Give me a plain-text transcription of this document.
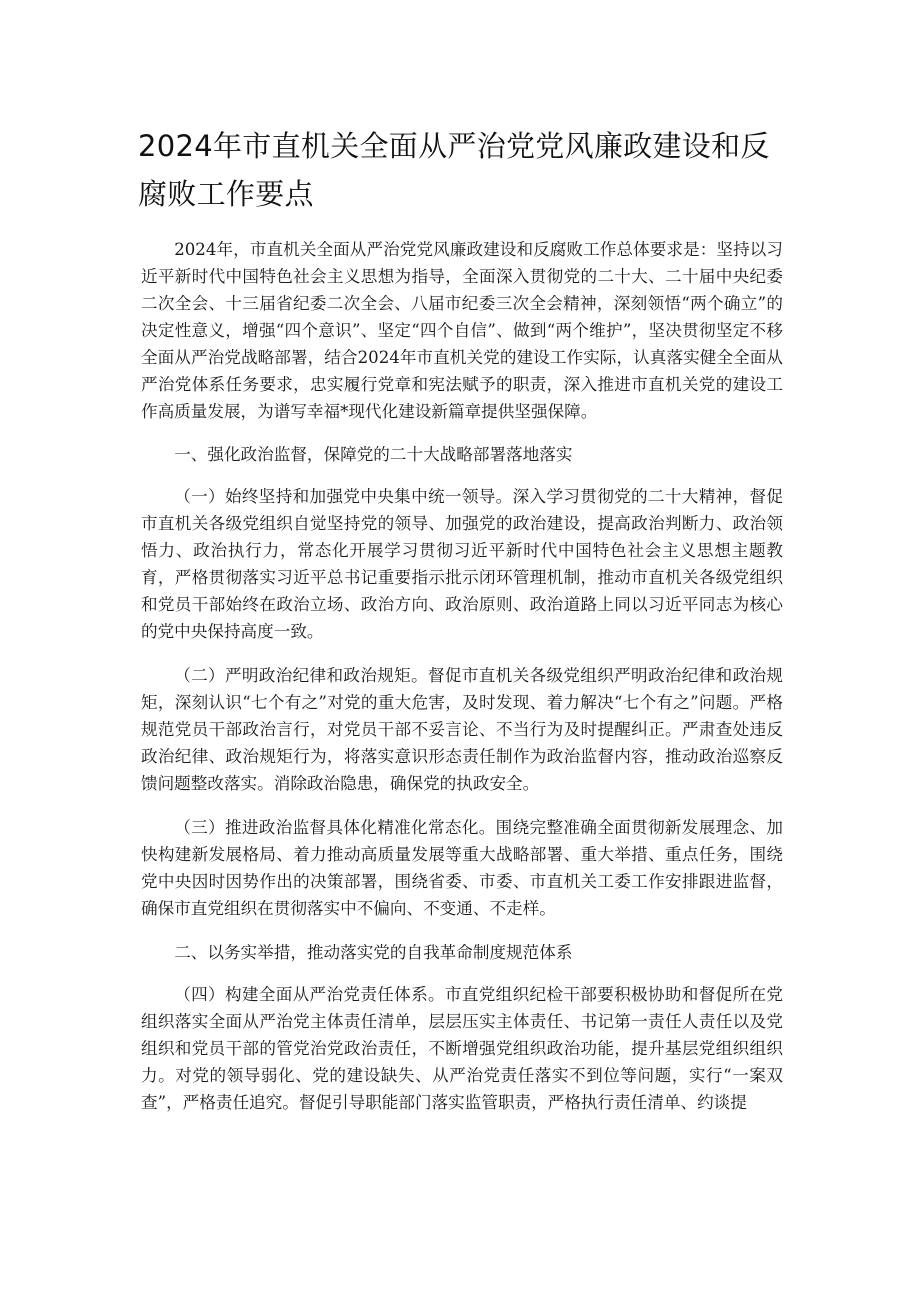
2024年市直机关全面从严治党党风廉政建设和反腐败工作要点

2024年，市直机关全面从严治党党风廉政建设和反腐败工作总体要求是：坚持以习近平新时代中国特色社会主义思想为指导，全面深入贯彻党的二十大、二十届中央纪委二次全会、十三届省纪委二次全会、八届市纪委三次全会精神，深刻领悟“两个确立”的决定性意义，增强“四个意识”、坚定“四个自信”、做到“两个维护”，坚决贯彻坚定不移全面从严治党战略部署，结合2024年市直机关党的建设工作实际，认真落实健全全面从严治党体系任务要求，忠实履行党章和宪法赋予的职责，深入推进市直机关党的建设工作高质量发展，为谱写幸福*现代化建设新篇章提供坚强保障。

一、强化政治监督，保障党的二十大战略部署落地落实

（一）始终坚持和加强党中央集中统一领导。深入学习贯彻党的二十大精神，督促市直机关各级党组织自觉坚持党的领导、加强党的政治建设，提高政治判断力、政治领悟力、政治执行力，常态化开展学习贯彻习近平新时代中国特色社会主义思想主题教育，严格贯彻落实习近平总书记重要指示批示闭环管理机制，推动市直机关各级党组织和党员干部始终在政治立场、政治方向、政治原则、政治道路上同以习近平同志为核心的党中央保持高度一致。

（二）严明政治纪律和政治规矩。督促市直机关各级党组织严明政治纪律和政治规矩，深刻认识“七个有之”对党的重大危害，及时发现、着力解决“七个有之”问题。严格规范党员干部政治言行，对党员干部不妥言论、不当行为及时提醒纠正。严肃查处违反政治纪律、政治规矩行为，将落实意识形态责任制作为政治监督内容，推动政治巡察反馈问题整改落实。消除政治隐患，确保党的执政安全。

（三）推进政治监督具体化精准化常态化。围绕完整准确全面贯彻新发展理念、加快构建新发展格局、着力推动高质量发展等重大战略部署、重大举措、重点任务，围绕党中央因时因势作出的决策部署，围绕省委、市委、市直机关工委工作安排跟进监督，确保市直党组织在贯彻落实中不偏向、不变通、不走样。

二、以务实举措，推动落实党的自我革命制度规范体系

（四）构建全面从严治党责任体系。市直党组织纪检干部要积极协助和督促所在党组织落实全面从严治党主体责任清单，层层压实主体责任、书记第一责任人责任以及党组织和党员干部的管党治党政治责任，不断增强党组织政治功能，提升基层党组织组织力。对党的领导弱化、党的建设缺失、从严治党责任落实不到位等问题，实行“一案双查”，严格责任追究。督促引导职能部门落实监管职责，严格执行责任清单、约谈提
